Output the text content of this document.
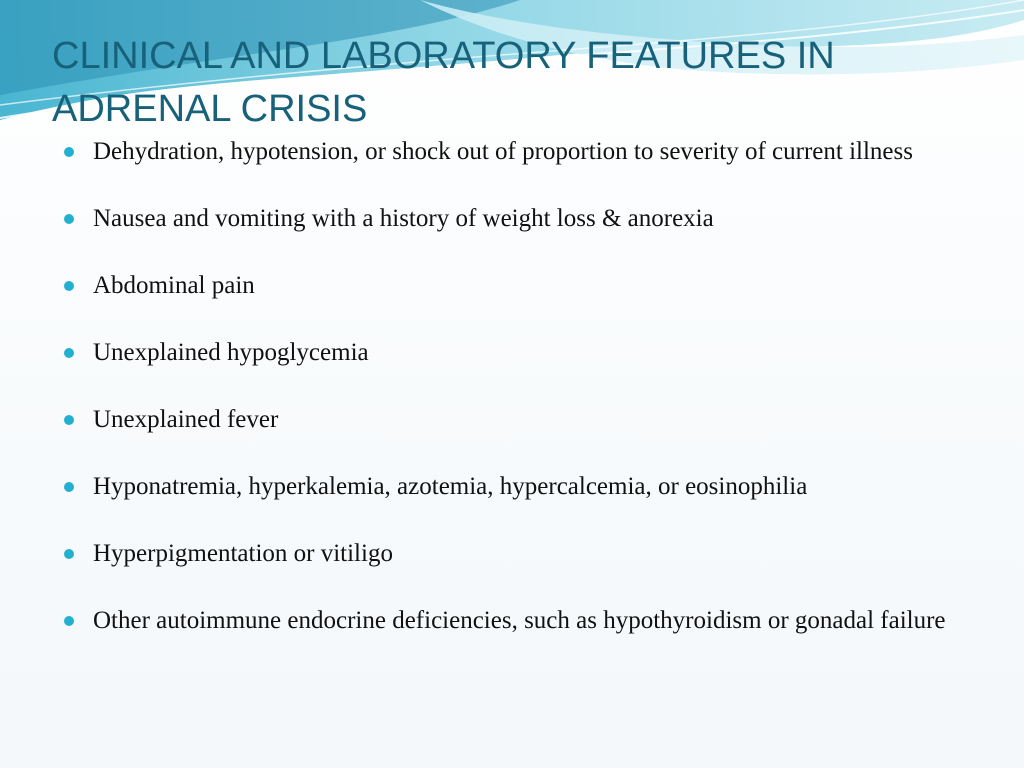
CLINICAL AND LABORATORY FEATURES IN
ADRENAL CRISIS
Dehydration, hypotension, or shock out of proportion to severity of current illness
Nausea and vomiting with a history of weight loss & anorexia
Abdominal pain
Unexplained hypoglycemia
Unexplained fever
Hyponatremia, hyperkalemia, azotemia, hypercalcemia, or eosinophilia
Hyperpigmentation or vitiligo
Other autoimmune endocrine deficiencies, such as hypothyroidism or gonadal failure
